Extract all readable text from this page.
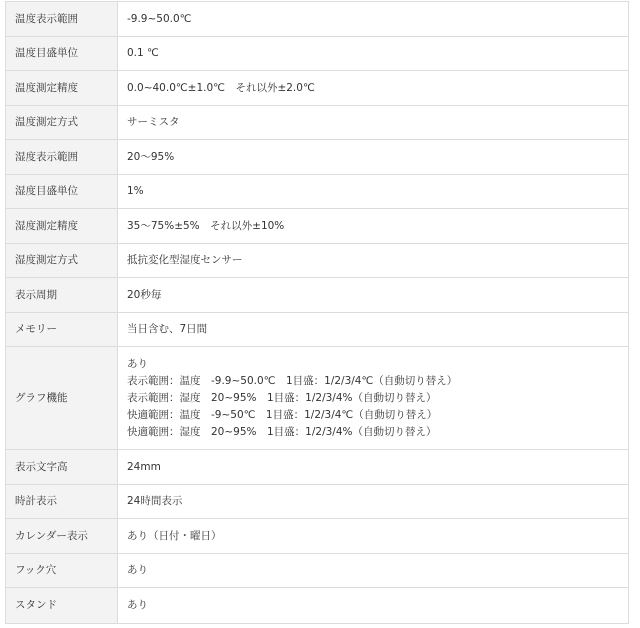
温度表示範囲	-9.9~50.0℃
温度目盛単位	0.1 ℃
温度測定精度	0.0~40.0℃±1.0℃　それ以外±2.0℃
温度測定方式	サーミスタ
湿度表示範囲	20～95%
湿度目盛単位	1%
湿度測定精度	35～75%±5%　それ以外±10%
湿度測定方式	抵抗変化型湿度センサー
表示周期	20秒毎
メモリー	当日含む、7日間
グラフ機能	あり
表示範囲：温度　-9.9~50.0℃　1目盛：1/2/3/4℃（自動切り替え）
表示範囲：湿度　20~95%　1目盛：1/2/3/4%（自動切り替え）
快適範囲：温度　-9~50℃　1目盛：1/2/3/4℃（自動切り替え）
快適範囲：湿度　20~95%　1目盛：1/2/3/4%（自動切り替え）

表示文字高	24mm
時計表示	24時間表示
カレンダー表示	あり（日付・曜日）
フック穴	あり
スタンド	あり
